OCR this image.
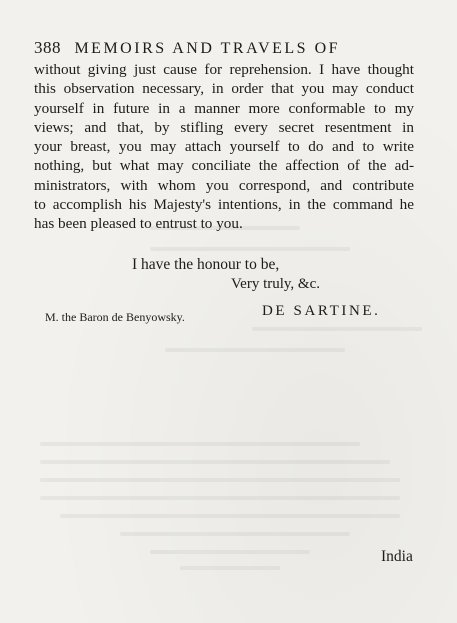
388 MEMOIRS AND TRAVELS OF
without giving just cause for reprehension. I have thought
this observation necessary, in order that you may conduct
yourself in future in a manner more conformable to my
views; and that, by stifling every secret resentment in
your breast, you may attach yourself to do and to write
nothing, but what may conciliate the affection of the ad-
ministrators, with whom you correspond, and contribute
to accomplish his Majesty's intentions, in the command he
has been pleased to entrust to you.
I have the honour to be,
Very truly, &c.
M. the Baron de Benyowsky.	DE SARTINE.
India
